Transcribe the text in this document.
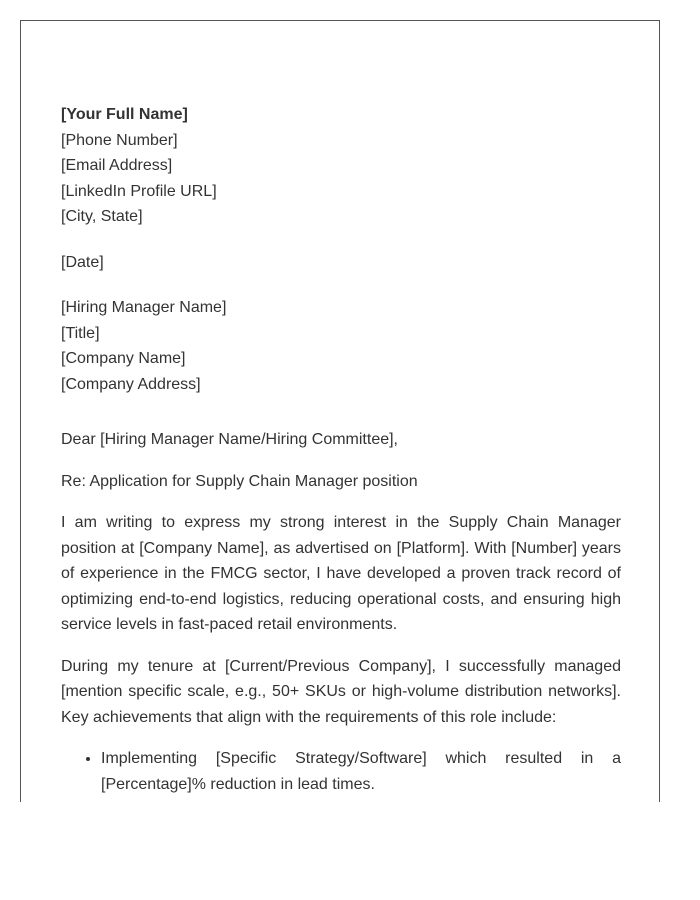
[Your Full Name]
[Phone Number]
[Email Address]
[LinkedIn Profile URL]
[City, State]
[Date]
[Hiring Manager Name]
[Title]
[Company Name]
[Company Address]
Dear [Hiring Manager Name/Hiring Committee],
Re: Application for Supply Chain Manager position

I am writing to express my strong interest in the Supply Chain Manager position at [Company Name], as advertised on [Platform]. With [Number] years of experience in the FMCG sector, I have developed a proven track record of optimizing end-to-end logistics, reducing operational costs, and ensuring high service levels in fast-paced retail environments.

During my tenure at [Current/Previous Company], I successfully managed [mention specific scale, e.g., 50+ SKUs or high-volume distribution networks]. Key achievements that align with the requirements of this role include:

• Implementing [Specific Strategy/Software] which resulted in a [Percentage]% reduction in lead times.
